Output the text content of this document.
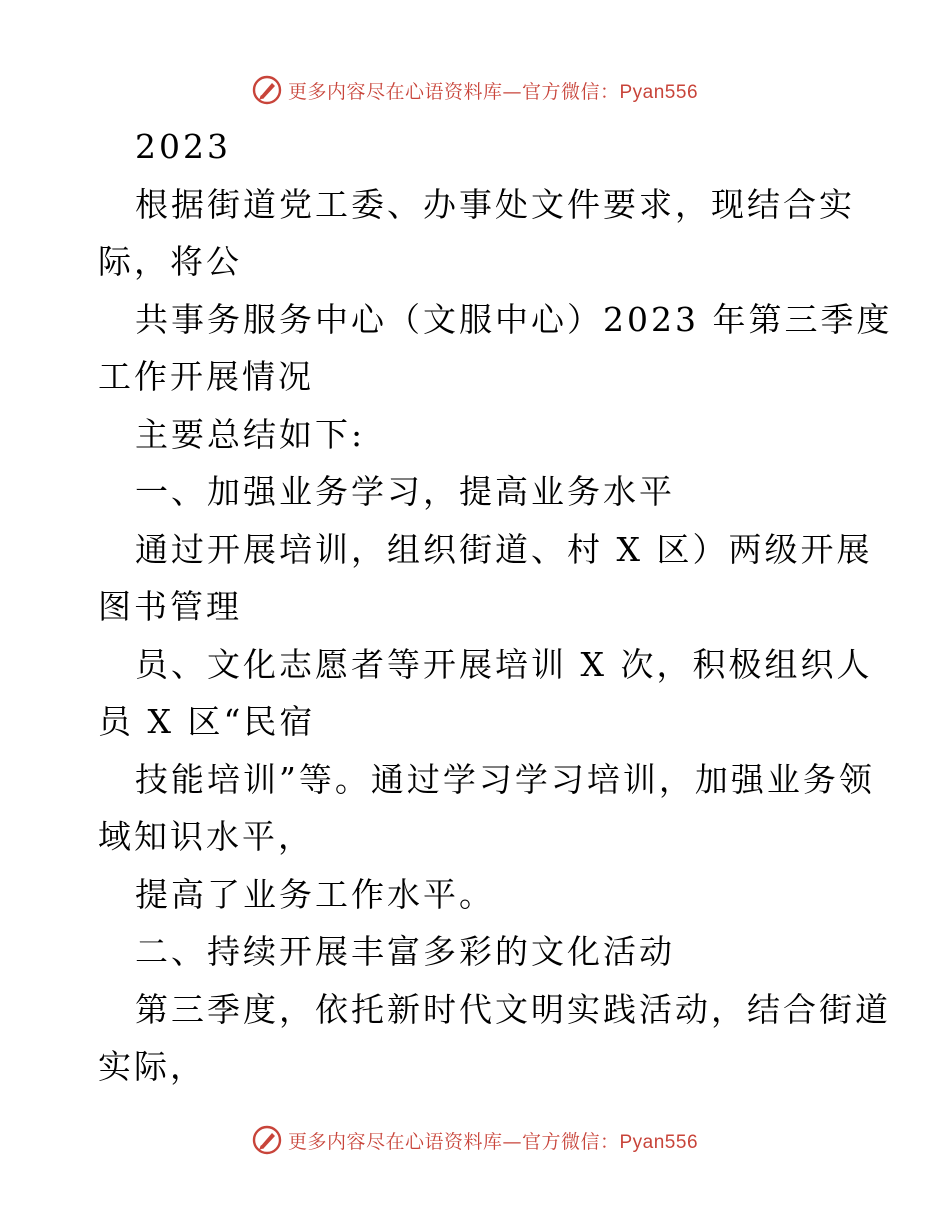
更多内容尽在心语资料库—官方微信：Pyan556
2023
根据街道党工委、办事处文件要求，现结合实
际，将公
共事务服务中心（文服中心）2023 年第三季度
工作开展情况
主要总结如下:
一、加强业务学习，提高业务水平
通过开展培训，组织街道、村 X 区）两级开展
图书管理
员、文化志愿者等开展培训 X 次，积极组织人
员 X 区“民宿
技能培训”等。通过学习学习培训，加强业务领
域知识水平，
提高了业务工作水平。
二、持续开展丰富多彩的文化活动
第三季度，依托新时代文明实践活动，结合街道
实际，
更多内容尽在心语资料库—官方微信：Pyan556
